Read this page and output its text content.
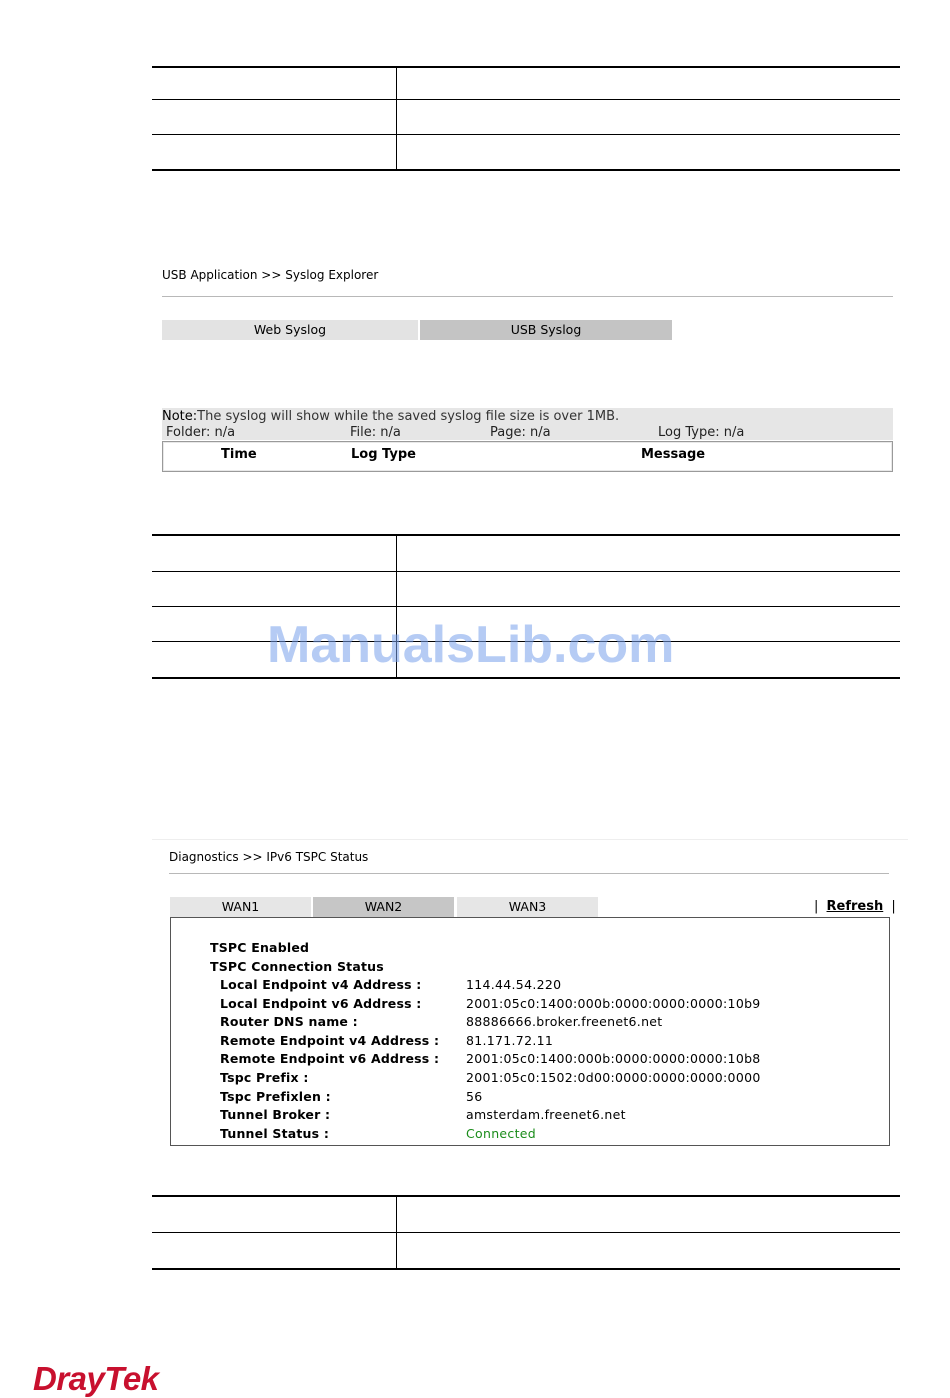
USB Application >> Syslog Explorer
Web Syslog	USB Syslog
Note:The syslog will show while the saved syslog file size is over 1MB.
Folder: n/a	File: n/a	Page: n/a	Log Type: n/a
Time	Log Type	Message
ManualsLib.com
Diagnostics >> IPv6 TSPC Status
WAN1	WAN2	WAN3	| Refresh |
TSPC Enabled
TSPC Connection Status
Local Endpoint v4 Address :	114.44.54.220
Local Endpoint v6 Address :	2001:05c0:1400:000b:0000:0000:0000:10b9
Router DNS name :	88886666.broker.freenet6.net
Remote Endpoint v4 Address : 81.171.72.11
Remote Endpoint v6 Address : 2001:05c0:1400:000b:0000:0000:0000:10b8
Tspc Prefix :	2001:05c0:1502:0d00:0000:0000:0000:0000
Tspc Prefixlen :	56
Tunnel Broker :	amsterdam.freenet6.net
Tunnel Status :	Connected
DrayTek
